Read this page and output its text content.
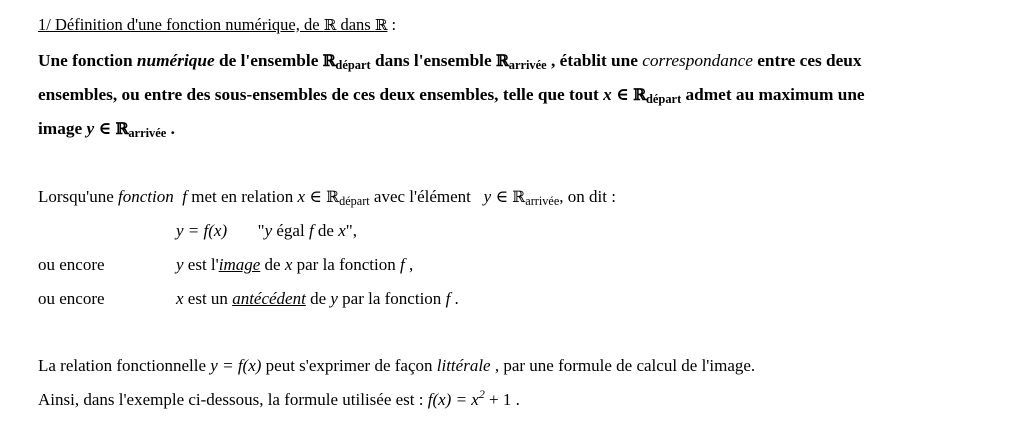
1/ Définition d'une fonction numérique, de ℝ dans ℝ :
Une fonction numérique de l'ensemble ℝ$_{départ}$ dans l'ensemble ℝ$_{arrivée}$ , établit une correspondance entre ces deux
ensembles, ou entre des sous-ensembles de ces deux ensembles, telle que tout x ∈ ℝ$_{départ}$ admet au maximum une
image y ∈ ℝ$_{arrivée}$ .
Lorsqu'une fonction f met en relation x ∈ ℝ$_{départ}$ avec l'élément   y ∈ ℝ$_{arrivée}$, on dit :
y = f(x) "y égal f de x",
ou encore	y est l'image de x par la fonction f ,
ou encore	x est un antécédent de y par la fonction f .
La relation fonctionnelle y = f(x) peut s'exprimer de façon littérale , par une formule de calcul de l'image.
Ainsi, dans l'exemple ci-dessous, la formule utilisée est : $f(x) = x^2 + 1$ .
